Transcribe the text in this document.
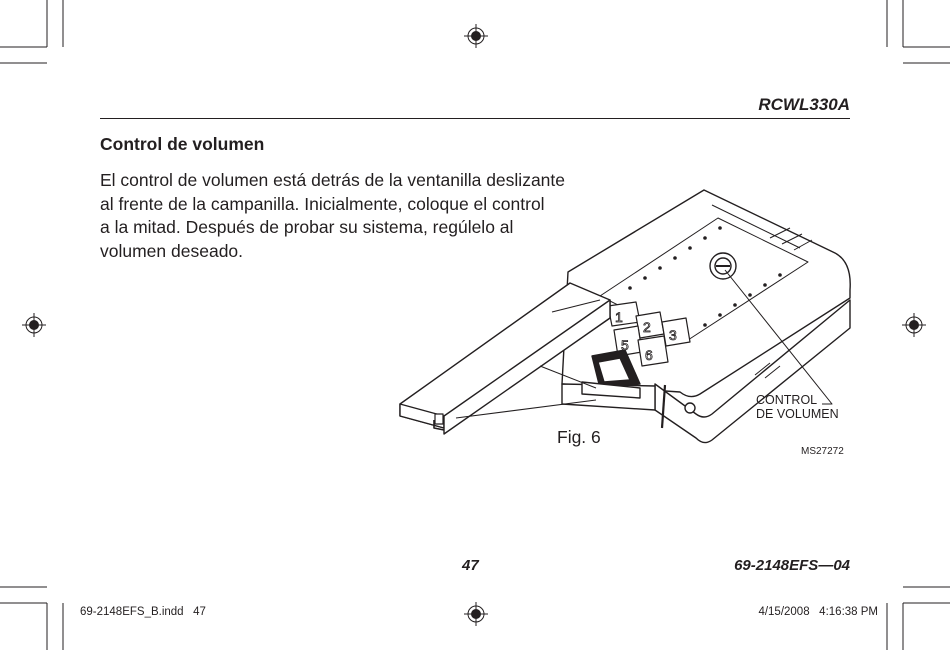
RCWL330A
Control de volumen
El control de volumen está detrás de la ventanilla deslizante
al frente de la campanilla. Inicialmente, coloque el control
a la mitad. Después de probar su sistema, regúlelo al
volumen deseado.
1
2 3
5
6
CONTROL
DE VOLUMEN
Fig. 6
MS27272
47	69-2148EFS—04
69-2148EFS_B.indd   47	4/15/2008   4:16:38 PM
